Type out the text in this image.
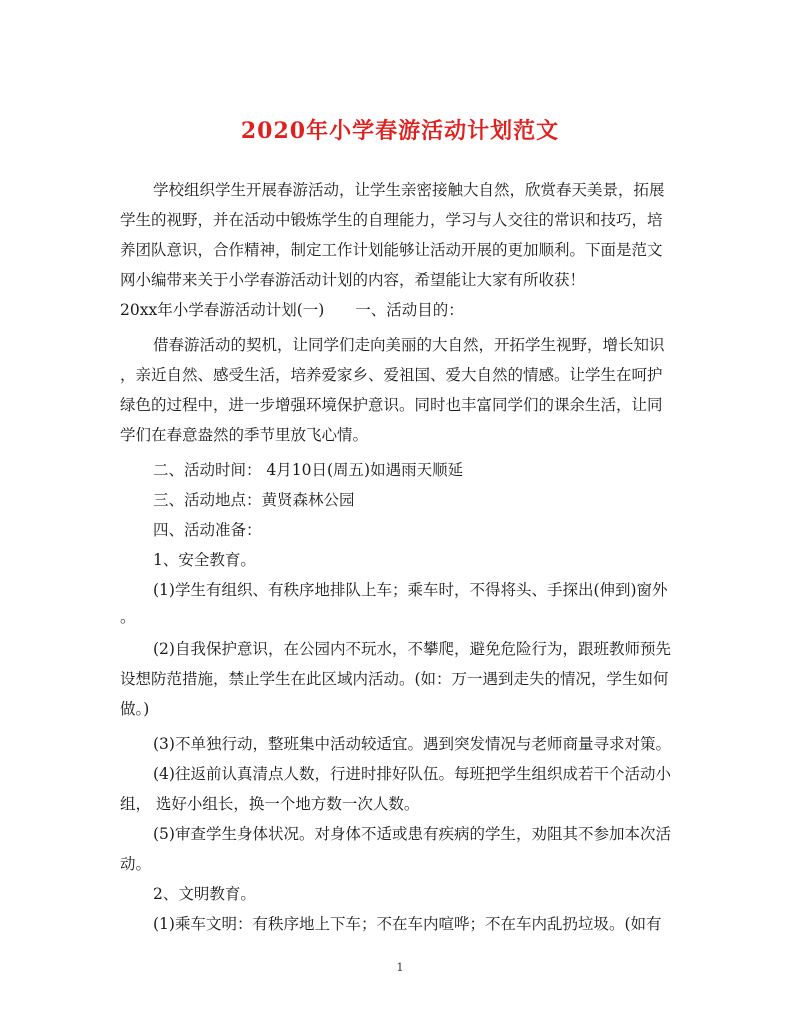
2020年小学春游活动计划范文
学校组织学生开展春游活动，让学生亲密接触大自然，欣赏春天美景，拓展
学生的视野，并在活动中锻炼学生的自理能力，学习与人交往的常识和技巧，培
养团队意识，合作精神，制定工作计划能够让活动开展的更加顺利。下面是范文
网小编带来关于小学春游活动计划的内容，希望能让大家有所收获！
20xx年小学春游活动计划(一)　　一、活动目的：
借春游活动的契机，让同学们走向美丽的大自然，开拓学生视野，增长知识
，亲近自然、感受生活，培养爱家乡、爱祖国、爱大自然的情感。让学生在呵护
绿色的过程中，进一步增强环境保护意识。同时也丰富同学们的课余生活，让同
学们在春意盎然的季节里放飞心情。
二、活动时间： 4月10日(周五)如遇雨天顺延
三、活动地点：黄贤森林公园
四、活动准备：
1、安全教育。
(1)学生有组织、有秩序地排队上车；乘车时，不得将头、手探出(伸到)窗外
。
(2)自我保护意识，在公园内不玩水，不攀爬，避免危险行为，跟班教师预先
设想防范措施，禁止学生在此区域内活动。(如：万一遇到走失的情况，学生如何
做。)
(3)不单独行动，整班集中活动较适宜。遇到突发情况与老师商量寻求对策。
(4)往返前认真清点人数，行进时排好队伍。每班把学生组织成若干个活动小
组， 选好小组长，换一个地方数一次人数。
(5)审查学生身体状况。对身体不适或患有疾病的学生，劝阻其不参加本次活
动。
2、文明教育。
(1)乘车文明：有秩序地上下车；不在车内喧哗；不在车内乱扔垃圾。(如有
1
